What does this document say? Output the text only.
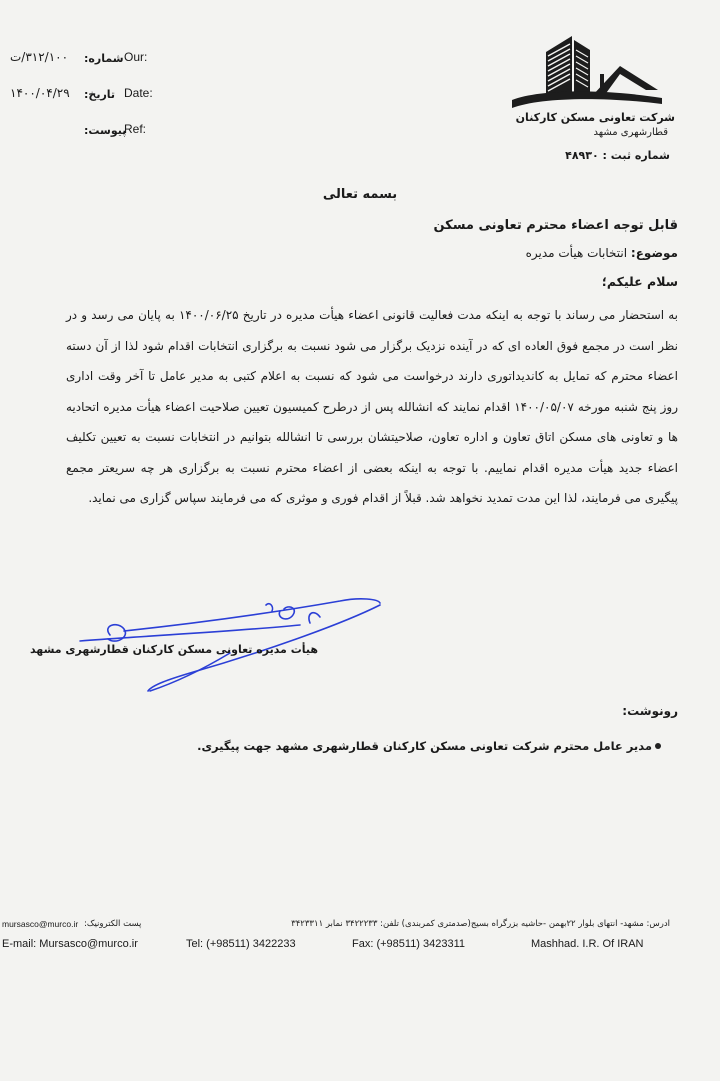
۳۱۲/۱۰۰/ت شماره: Our:
۱۴۰۰/۰۴/۲۹ تاریخ: Date:
پیوست:
Ref:
شرکت تعاونی مسکن کارکنان
قطارشهری مشهد
شماره ثبت : ۴۸۹۳۰
بسمه تعالی
قابل توجه اعضاء محترم تعاونی مسکن
موضوع: انتخابات هیأت مدیره
سلام علیکم؛
به استحضار می رساند با توجه به اینکه مدت فعالیت قانونی اعضاء هیأت مدیره در تاریخ ۱۴۰۰/۰۶/۲۵ به پایان می رسد و در نظر است در مجمع فوق العاده ای که در آینده نزدیک برگزار می شود نسبت به برگزاری انتخابات اقدام شود لذا از آن دسته اعضاء محترم که تمایل به کاندیداتوری دارند درخواست می شود که نسبت به اعلام کتبی به مدیر عامل تا آخر وقت اداری روز پنج شنبه مورخه ۱۴۰۰/۰۵/۰۷ اقدام نمایند که انشالله پس از درطرح کمیسیون تعیین صلاحیت اعضاء هیأت مدیره اتحادیه ها و تعاونی های مسکن اتاق تعاون و اداره تعاون، صلاحیتشان بررسی تا انشالله بتوانیم در انتخابات نسبت به تعیین تکلیف اعضاء جدید هیأت مدیره اقدام نماییم. با توجه به اینکه بعضی از اعضاء محترم نسبت به برگزاری هر چه سریعتر مجمع پیگیری می فرمایند، لذا این مدت تمدید نخواهد شد. قبلاً از اقدام فوری و موثری که می فرمایند سپاس گزاری می نماید.
هیأت مدیره تعاونی مسکن کارکنان قطارشهری مشهد
رونوشت:
مدیر عامل محترم شرکت تعاونی مسکن کارکنان قطارشهری مشهد جهت پیگیری.
ادرس: مشهد- انتهای بلوار ۲۲بهمن -حاشیه بزرگراه بسیج(صدمتری کمربندی) تلفن: ۳۴۲۲۲۳۳ نمابر ۳۴۲۳۳۱۱
پست الکترونیک:
mursasco@murco.ir
E-mail: Mursasco@murco.ir	Tel: (+98511) 3422233	Fax: (+98511) 3423311	Mashhad. I.R. Of IRAN
